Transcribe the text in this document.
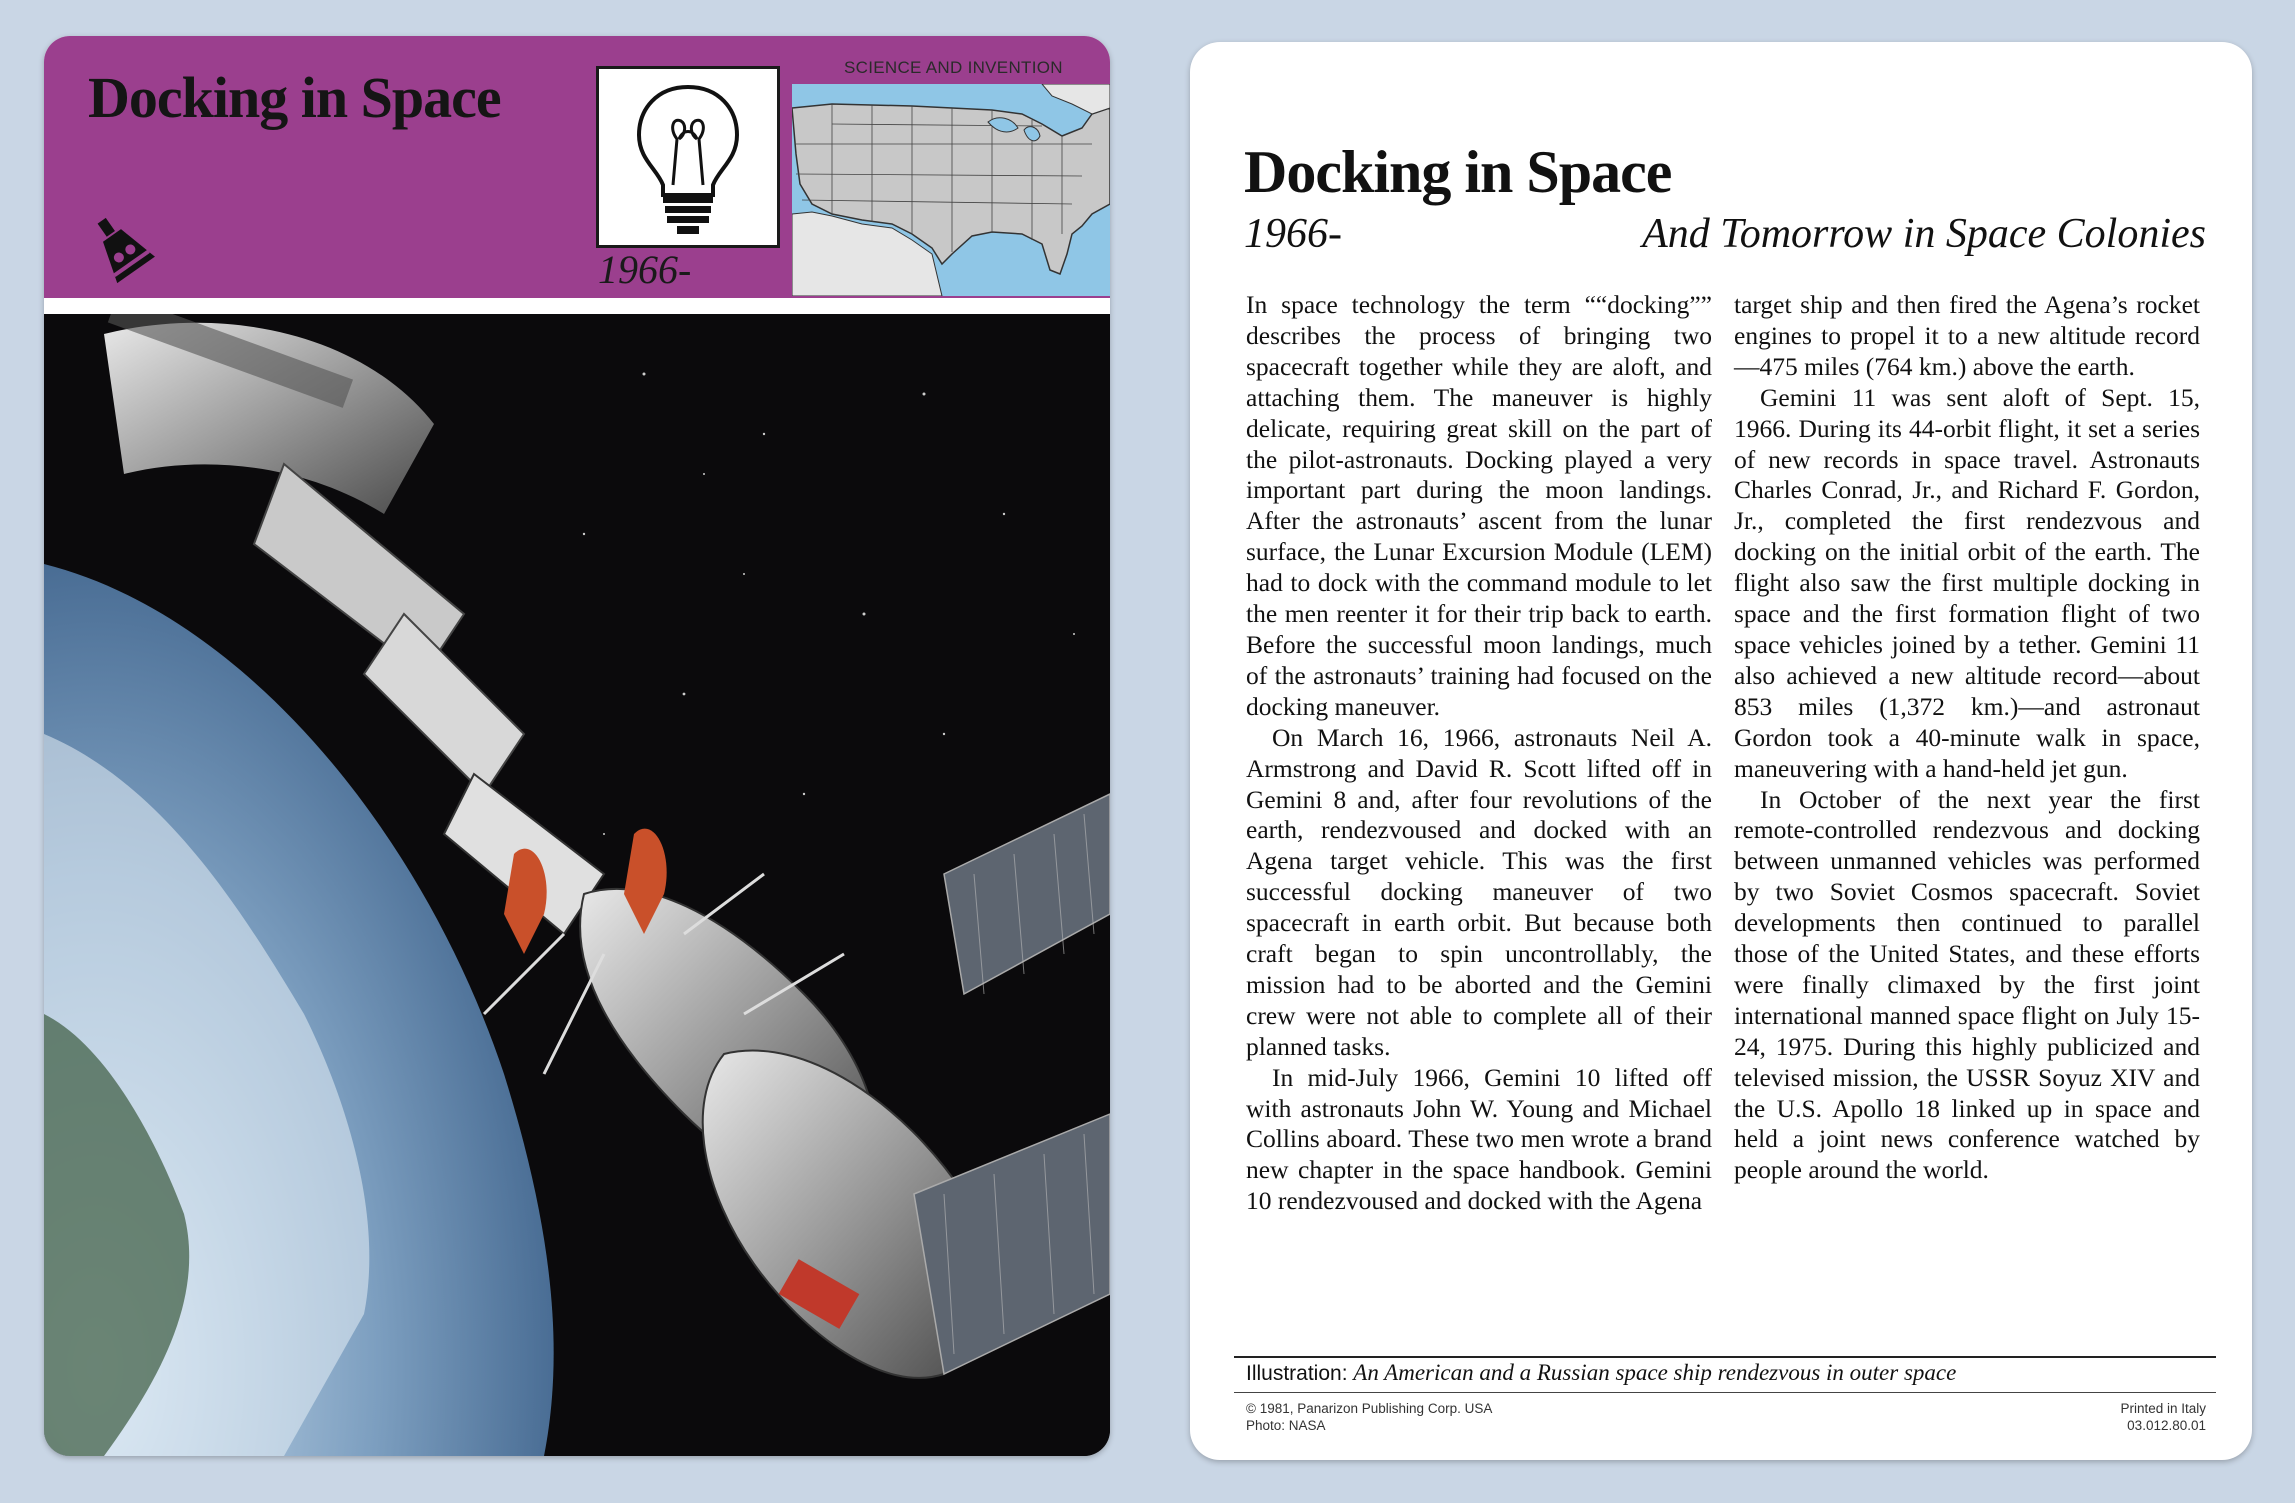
Docking in Space
1966-
SCIENCE AND INVENTION
Docking in Space
1966-	And Tomorrow in Space Colonies

In space technology the term ““docking”” describes the process of bringing two spacecraft together while they are aloft, and attaching them. The maneuver is highly delicate, requiring great skill on the part of the pilot-astronauts. Docking played a very important part during the moon landings. After the astronauts’ ascent from the lunar surface, the Lunar Excursion Module (LEM) had to dock with the command module to let the men reenter it for their trip back to earth. Before the successful moon landings, much of the astronauts’ training had focused on the docking maneuver.

On March 16, 1966, astronauts Neil A. Armstrong and David R. Scott lifted off in Gemini 8 and, after four revolutions of the earth, rendezvoused and docked with an Agena target vehicle. This was the first successful docking maneuver of two spacecraft in earth orbit. But because both craft began to spin uncontrollably, the mission had to be aborted and the Gemini crew were not able to complete all of their planned tasks.

In mid-July 1966, Gemini 10 lifted off with astronauts John W. Young and Michael Collins aboard. These two men wrote a brand new chapter in the space handbook. Gemini 10 rendezvoused and docked with the Agena

target ship and then fired the Agena’s rocket engines to propel it to a new altitude record—475 miles (764 km.) above the earth.

Gemini 11 was sent aloft of Sept. 15, 1966. During its 44-orbit flight, it set a series of new records in space travel. Astronauts Charles Conrad, Jr., and Richard F. Gordon, Jr., completed the first rendezvous and docking on the initial orbit of the earth. The flight also saw the first multiple docking in space and the first formation flight of two space vehicles joined by a tether. Gemini 11 also achieved a new altitude record—about 853 miles (1,372 km.)—and astronaut Gordon took a 40-minute walk in space, maneuvering with a hand-held jet gun.

In October of the next year the first remote-controlled rendezvous and docking between unmanned vehicles was performed by two Soviet Cosmos spacecraft. Soviet developments then continued to parallel those of the United States, and these efforts were finally climaxed by the first joint international manned space flight on July 15-24, 1975. During this highly publicized and televised mission, the USSR Soyuz XIV and the U.S. Apollo 18 linked up in space and held a joint news conference watched by people around the world.

Illustration: An American and a Russian space ship rendezvous in outer space
© 1981, Panarizon Publishing Corp. USA
Photo: NASA
Printed in Italy
03.012.80.01
